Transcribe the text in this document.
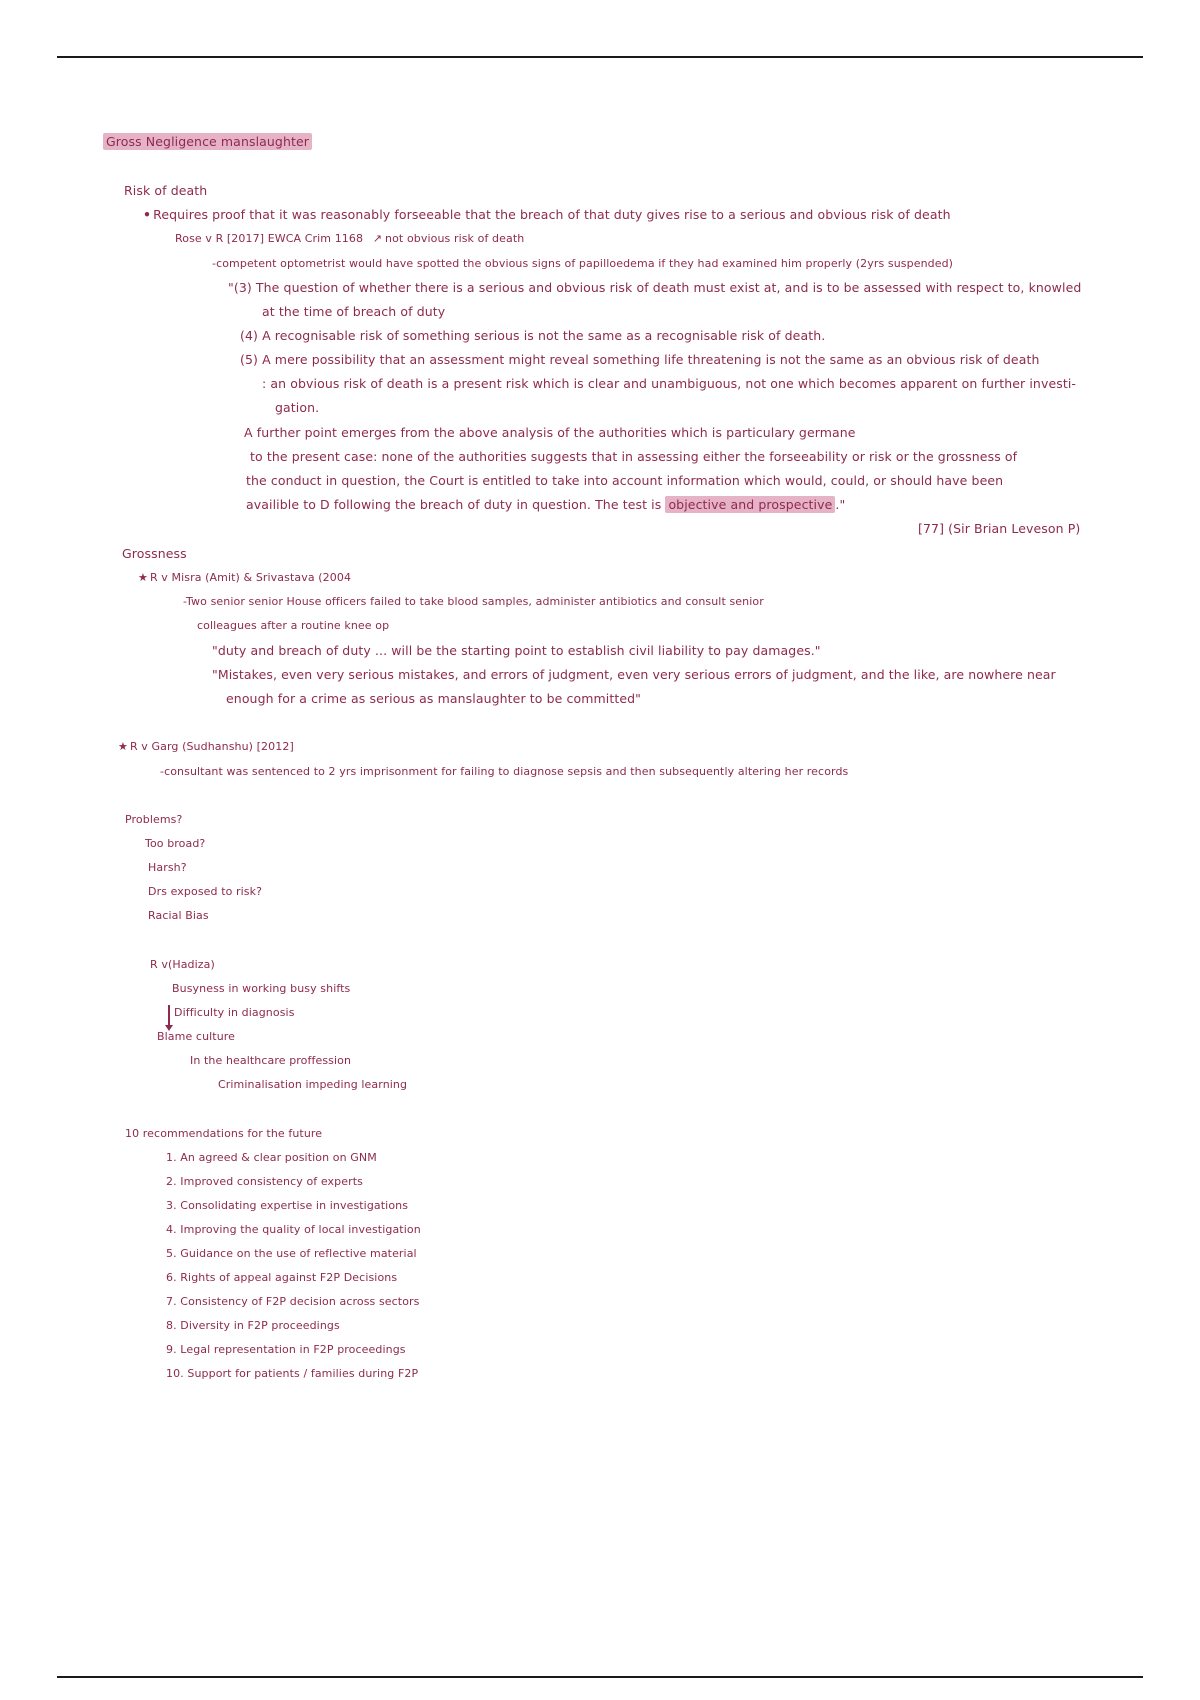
Gross Negligence manslaughter
Risk of death
• Requires proof that it was reasonably forseeable that the breach of that duty gives rise to a serious and obvious risk of death
Rose v R [2017] EWCA Crim 1168 ↗ not obvious risk of death
-competent optometrist would have spotted the obvious signs of papilloedema if they had examined him properly (2yrs suspended)
"(3) The question of whether there is a serious and obvious risk of death must exist at, and is to be assessed with respect to, knowled
at the time of breach of duty
(4) A recognisable risk of something serious is not the same as a recognisable risk of death.
(5) A mere possibility that an assessment might reveal something life threatening is not the same as an obvious risk of death
: an obvious risk of death is a present risk which is clear and unambiguous, not one which becomes apparent on further investi-
gation.
A further point emerges from the above analysis of the authorities which is particulary germane
to the present case: none of the authorities suggests that in assessing either the forseeability or risk or the grossness of
the conduct in question, the Court is entitled to take into account information which would, could, or should have been
availible to D following the breach of duty in question. The test is objective and prospective ."
[77] (Sir Brian Leveson P)
Grossness
★ R v Misra (Amit) & Srivastava (2004
-Two senior senior House officers failed to take blood samples, administer antibiotics and consult senior
colleagues after a routine knee op
"duty and breach of duty ... will be the starting point to establish civil liability to pay damages."
"Mistakes, even very serious mistakes, and errors of judgment, even very serious errors of judgment, and the like, are nowhere near
enough for a crime as serious as manslaughter to be committed"
★ R v Garg (Sudhanshu) [2012]
-consultant was sentenced to 2 yrs imprisonment for failing to diagnose sepsis and then subsequently altering her records
Problems?
Too broad?
Harsh?
Drs exposed to risk?
Racial Bias
R v(Hadiza)
Busyness in working busy shifts
Difficulty in diagnosis
Blame culture
In the healthcare proffession
Criminalisation impeding learning
10 recommendations for the future
1. An agreed & clear position on GNM
2. Improved consistency of experts
3. Consolidating expertise in investigations
4. Improving the quality of local investigation
5. Guidance on the use of reflective material
6. Rights of appeal against F2P Decisions
7. Consistency of F2P decision across sectors
8. Diversity in F2P proceedings
9. Legal representation in F2P proceedings
10. Support for patients / families during F2P
